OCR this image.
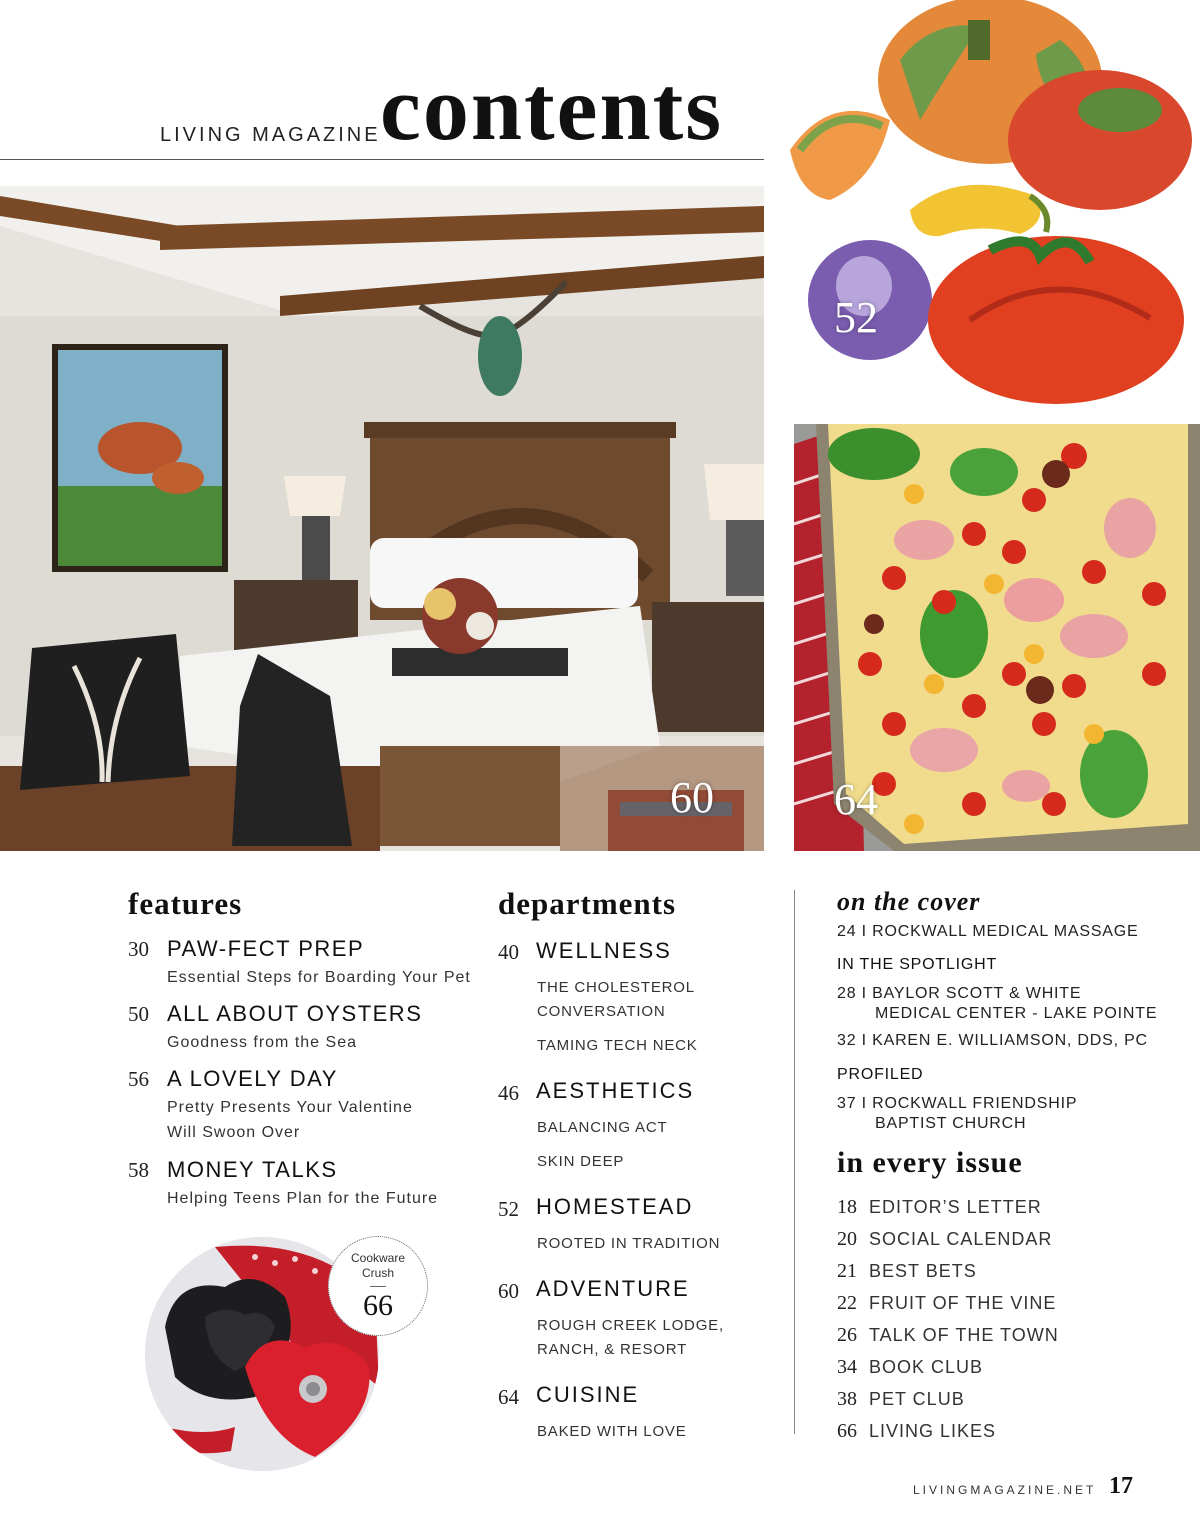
LIVING MAGAZINE contents
60
52
64
features
30 PAW-FECT PREP
Essential Steps for Boarding Your Pet
50 ALL ABOUT OYSTERS
Goodness from the Sea
56 A LOVELY DAY
Pretty Presents Your Valentine
Will Swoon Over
58 MONEY TALKS
Helping Teens Plan for the Future
Cookware
Crush
66
departments
40 WELLNESS
THE CHOLESTEROL
CONVERSATION
TAMING TECH NECK
46 AESTHETICS
BALANCING ACT
SKIN DEEP
52 HOMESTEAD
ROOTED IN TRADITION
60 ADVENTURE
ROUGH CREEK LODGE,
RANCH, & RESORT
64 CUISINE
BAKED WITH LOVE
on the cover
24 I ROCKWALL MEDICAL MASSAGE
IN THE SPOTLIGHT
28 I BAYLOR SCOTT & WHITE
MEDICAL CENTER - LAKE POINTE
32 I KAREN E. WILLIAMSON, DDS, PC
PROFILED
37 I ROCKWALL FRIENDSHIP
BAPTIST CHURCH
in every issue
18 EDITOR’S LETTER
20 SOCIAL CALENDAR
21 BEST BETS
22 FRUIT OF THE VINE
26 TALK OF THE TOWN
34 BOOK CLUB
38 PET CLUB
66 LIVING LIKES
LIVINGMAGAZINE.NET 17
